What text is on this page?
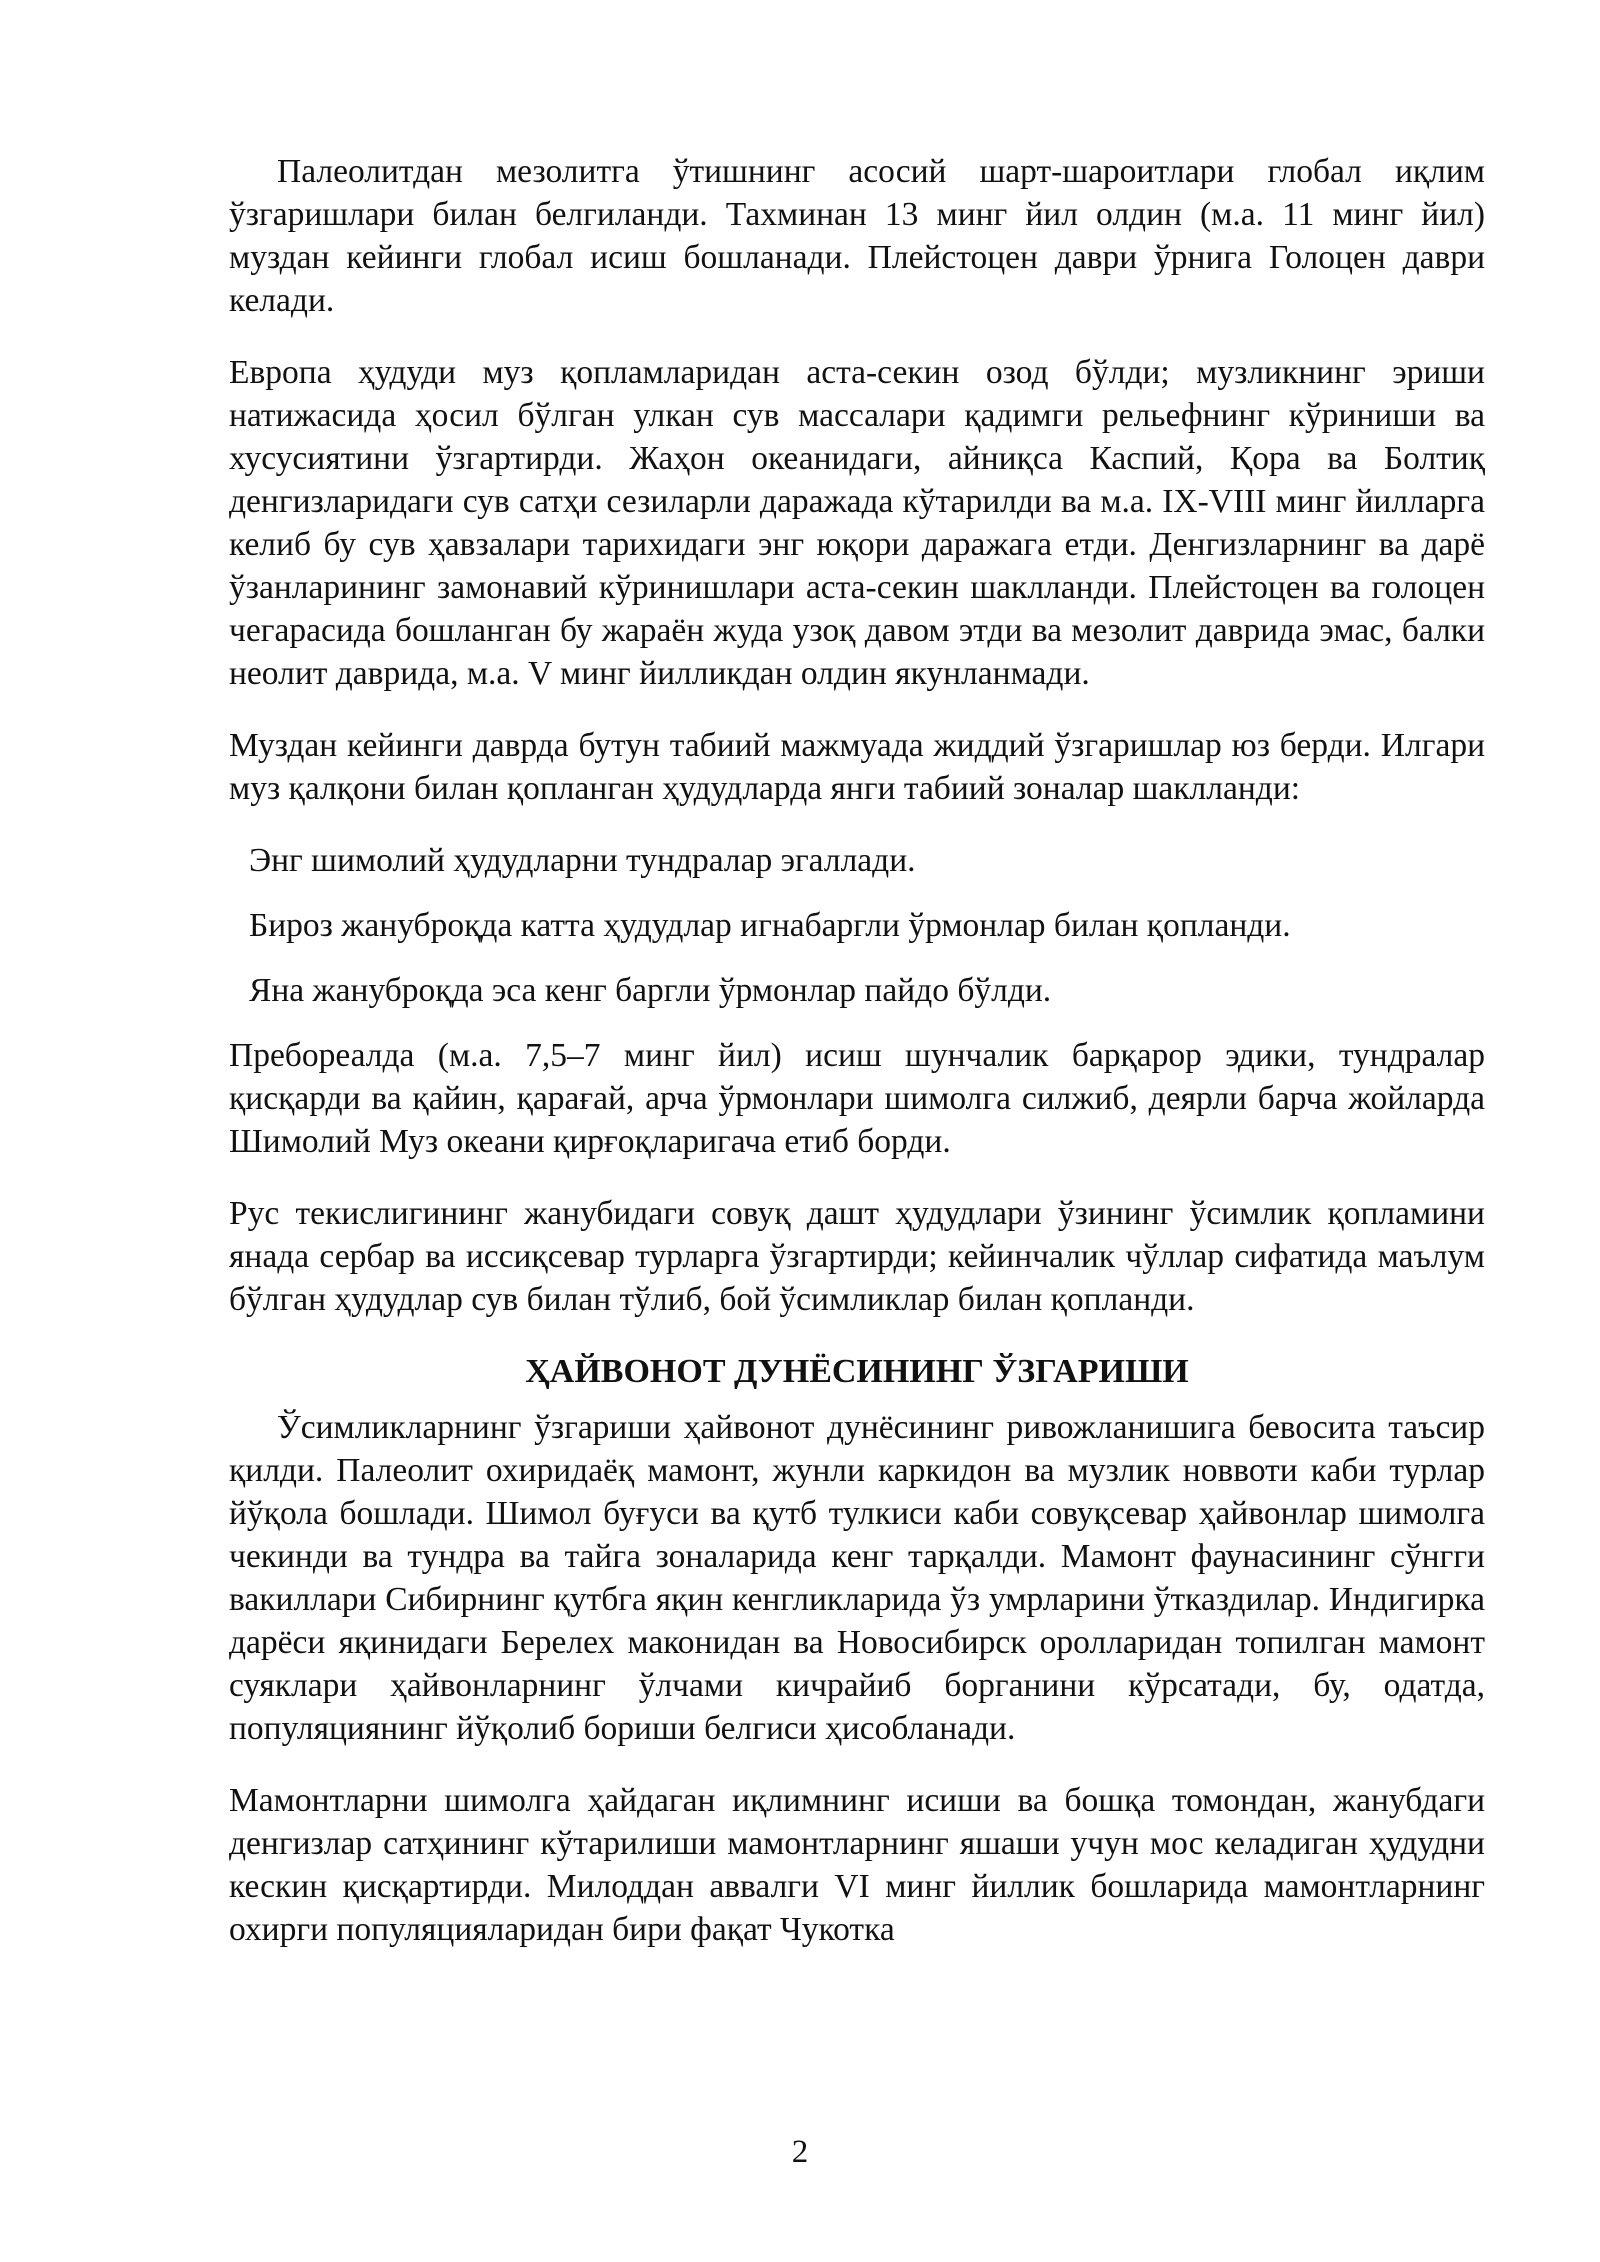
Палеолитдан мезолитга ўтишнинг асосий шарт-шароитлари глобал иқлим ўзгаришлари билан белгиланди. Тахминан 13 минг йил олдин (м.а. 11 минг йил) муздан кейинги глобал исиш бошланади. Плейстоцен даври ўрнига Голоцен даври келади.

Европа ҳудуди муз қопламларидан аста-секин озод бўлди; музликнинг эриши натижасида ҳосил бўлган улкан сув массалари қадимги рельефнинг кўриниши ва хусусиятини ўзгартирди. Жаҳон океанидаги, айниқса Каспий, Қора ва Болтиқ денгизларидаги сув сатҳи сезиларли даражада кўтарилди ва м.а. IX-VIII минг йилларга келиб бу сув ҳавзалари тарихидаги энг юқори даражага етди. Денгизларнинг ва дарё ўзанларининг замонавий кўринишлари аста-секин шаклланди. Плейстоцен ва голоцен чегарасида бошланган бу жараён жуда узоқ давом этди ва мезолит даврида эмас, балки неолит даврида, м.а. V минг йилликдан олдин якунланмади.

Муздан кейинги даврда бутун табиий мажмуада жиддий ўзгаришлар юз берди. Илгари муз қалқони билан қопланган ҳудудларда янги табиий зоналар шаклланди:

Энг шимолий ҳудудларни тундралар эгаллади.

Бироз жануброқда катта ҳудудлар игнабаргли ўрмонлар билан қопланди.

Яна жануброқда эса кенг баргли ўрмонлар пайдо бўлди.

Пребореалда (м.а. 7,5–7 минг йил) исиш шунчалик барқарор эдики, тундралар қисқарди ва қайин, қарағай, арча ўрмонлари шимолга силжиб, деярли барча жойларда Шимолий Муз океани қирғоқларигача етиб борди.

Рус текислигининг жанубидаги совуқ дашт ҳудудлари ўзининг ўсимлик қопламини янада сербар ва иссиқсевар турларга ўзгартирди; кейинчалик чўллар сифатида маълум бўлган ҳудудлар сув билан тўлиб, бой ўсимликлар билан қопланди.

ҲАЙВОНОТ ДУНЁСИНИНГ ЎЗГАРИШИ

Ўсимликларнинг ўзгариши ҳайвонот дунёсининг ривожланишига бевосита таъсир қилди. Палеолит охиридаёқ мамонт, жунли каркидон ва музлик новвоти каби турлар йўқола бошлади. Шимол буғуси ва қутб тулкиси каби совуқсевар ҳайвонлар шимолга чекинди ва тундра ва тайга зоналарида кенг тарқалди. Мамонт фаунасининг сўнгги вакиллари Сибирнинг қутбга яқин кенгликларида ўз умрларини ўтказдилар. Индигирка дарёси яқинидаги Берелех маконидан ва Новосибирск оролларидан топилган мамонт суяклари ҳайвонларнинг ўлчами кичрайиб борганини кўрсатади, бу, одатда, популяциянинг йўқолиб бориши белгиси ҳисобланади.

Мамонтларни шимолга ҳайдаган иқлимнинг исиши ва бошқа томондан, жанубдаги денгизлар сатҳининг кўтарилиши мамонтларнинг яшаши учун мос келадиган ҳудудни кескин қисқартирди. Милоддан аввалги VI минг йиллик бошларида мамонтларнинг охирги популяцияларидан бири фақат Чукотка

2
